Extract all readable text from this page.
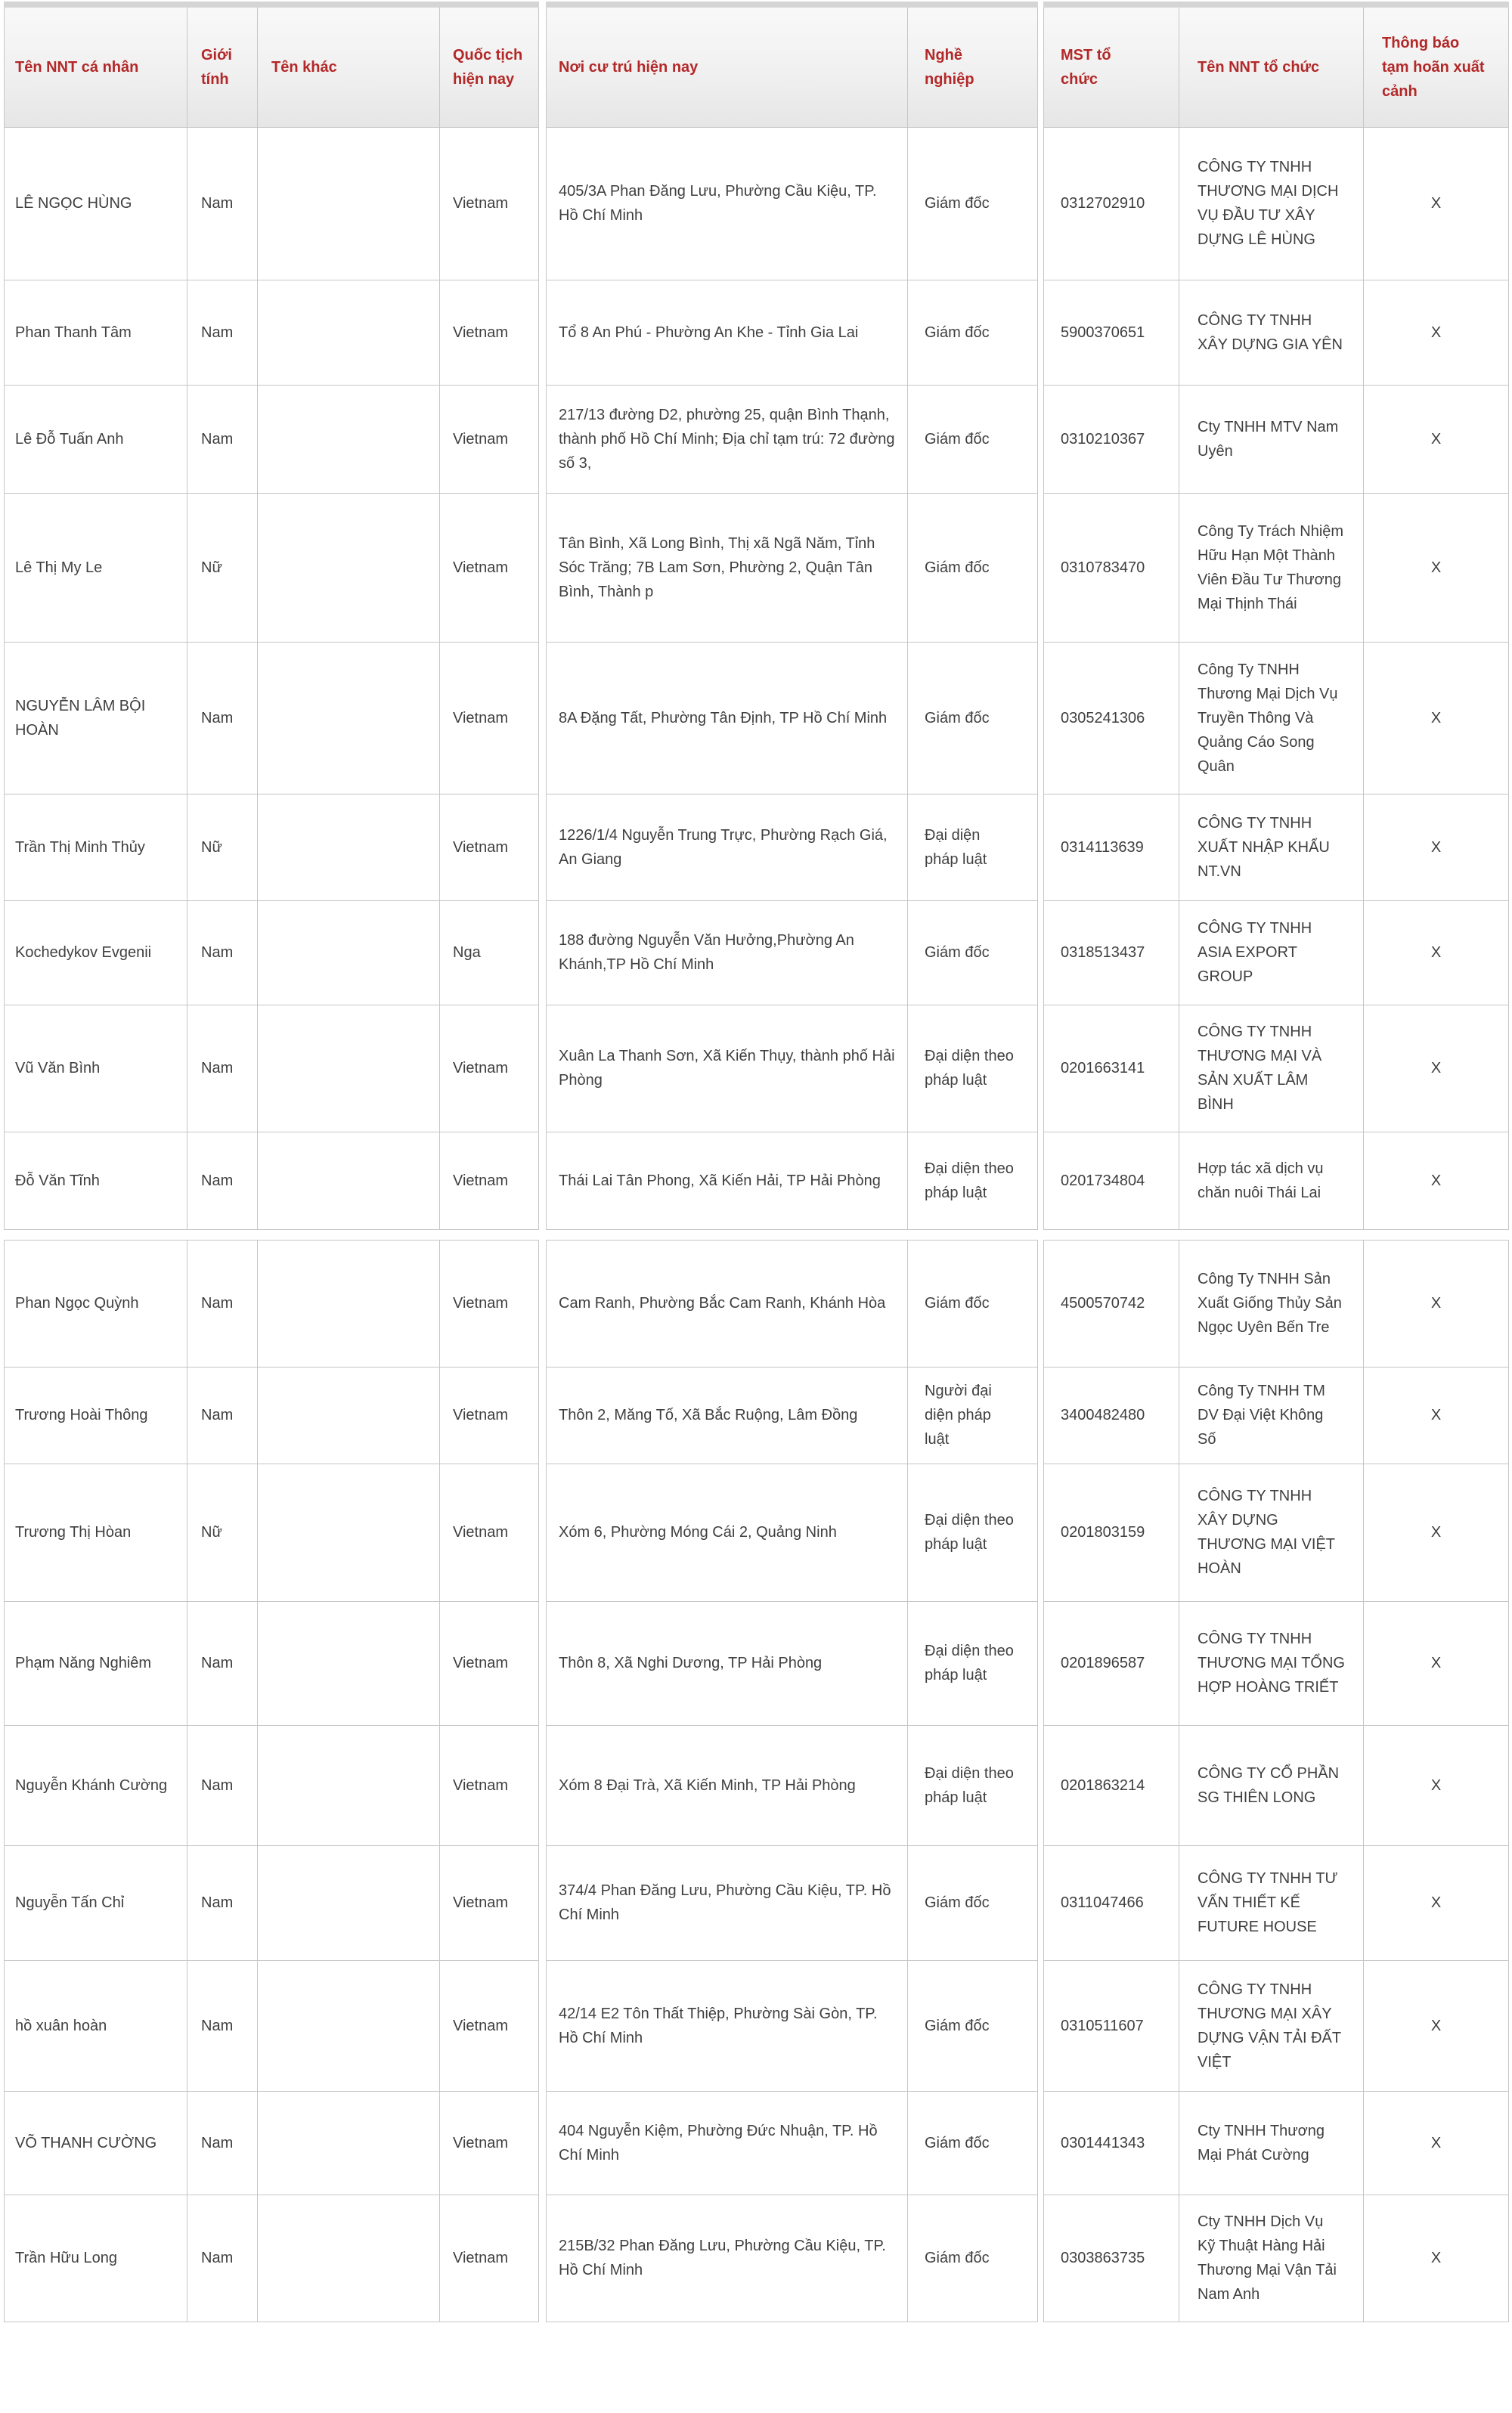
Tên NNT cá nhân	Giới tính	Tên khác	Quốc tịch hiện nay		Nơi cư trú hiện nay	Nghề nghiệp		MST tổ chức	Tên NNT tổ chức	Thông báo tạm hoãn xuất cảnh
LÊ NGỌC HÙNG	Nam		Vietnam		405/3A Phan Đăng Lưu, Phường Cầu Kiệu, TP. Hồ Chí Minh	Giám đốc		0312702910	CÔNG TY TNHH THƯƠNG MẠI DỊCH VỤ ĐẦU TƯ XÂY DỰNG LÊ HÙNG	X
Phan Thanh Tâm	Nam		Vietnam		Tổ 8 An Phú - Phường An Khe - Tỉnh Gia Lai	Giám đốc		5900370651	CÔNG TY TNHH XÂY DỰNG GIA YÊN	X
Lê Đỗ Tuấn Anh	Nam		Vietnam		217/13 đường D2, phường 25, quận Bình Thạnh, thành phố Hồ Chí Minh; Địa chỉ tạm trú: 72 đường số 3,	Giám đốc		0310210367	Cty TNHH MTV Nam Uyên	X
Lê Thị My Le	Nữ		Vietnam		Tân Bình, Xã Long Bình, Thị xã Ngã Năm, Tỉnh Sóc Trăng; 7B Lam Sơn, Phường 2, Quận Tân Bình, Thành p	Giám đốc		0310783470	Công Ty Trách Nhiệm Hữu Hạn Một Thành Viên Đầu Tư Thương Mại Thịnh Thái	X
NGUYỄN LÂM BỘI HOÀN	Nam		Vietnam		8A Đặng Tất, Phường Tân Định, TP Hồ Chí Minh	Giám đốc		0305241306	Công Ty TNHH Thương Mại Dịch Vụ Truyền Thông Và Quảng Cáo Song Quân	X
Trần Thị Minh Thủy	Nữ		Vietnam		1226/1/4 Nguyễn Trung Trực, Phường Rạch Giá, An Giang	Đại diện pháp luật		0314113639	CÔNG TY TNHH XUẤT NHẬP KHẨU NT.VN	X
Kochedykov Evgenii	Nam		Nga		188 đường Nguyễn Văn Hưởng,Phường An Khánh,TP Hồ Chí Minh	Giám đốc		0318513437	CÔNG TY TNHH ASIA EXPORT GROUP	X
Vũ Văn Bình	Nam		Vietnam		Xuân La Thanh Sơn, Xã Kiến Thụy, thành phố Hải Phòng	Đại diện theo pháp luật		0201663141	CÔNG TY TNHH THƯƠNG MẠI VÀ SẢN XUẤT LÂM BÌNH	X
Đỗ Văn Tĩnh	Nam		Vietnam		Thái Lai Tân Phong, Xã Kiến Hải, TP Hải Phòng	Đại diện theo pháp luật		0201734804	Hợp tác xã dịch vụ chăn nuôi Thái Lai	X

Phan Ngọc Quỳnh	Nam		Vietnam		Cam Ranh, Phường Bắc Cam Ranh, Khánh Hòa	Giám đốc		4500570742	Công Ty TNHH Sản Xuất Giống Thủy Sản Ngọc Uyên Bến Tre	X
Trương Hoài Thông	Nam		Vietnam		Thôn 2, Măng Tố, Xã Bắc Ruộng, Lâm Đồng	Người đại diện pháp luật		3400482480	Công Ty TNHH TM DV Đại Việt Không Số	X
Trương Thị Hòan	Nữ		Vietnam		Xóm 6, Phường Móng Cái 2, Quảng Ninh	Đại diện theo pháp luật		0201803159	CÔNG TY TNHH XÂY DỰNG THƯƠNG MẠI VIỆT HOÀN	X
Phạm Năng Nghiêm	Nam		Vietnam		Thôn 8, Xã Nghi Dương, TP Hải Phòng	Đại diện theo pháp luật		0201896587	CÔNG TY TNHH THƯƠNG MẠI TỔNG HỢP HOÀNG TRIẾT	X
Nguyễn Khánh Cường	Nam		Vietnam		Xóm 8 Đại Trà, Xã Kiến Minh, TP Hải Phòng	Đại diện theo pháp luật		0201863214	CÔNG TY CỔ PHẦN SG THIÊN LONG	X
Nguyễn Tấn Chỉ	Nam		Vietnam		374/4 Phan Đăng Lưu, Phường Cầu Kiệu, TP. Hồ Chí Minh	Giám đốc		0311047466	CÔNG TY TNHH TƯ VẤN THIẾT KẾ FUTURE HOUSE	X
hồ xuân hoàn	Nam		Vietnam		42/14 E2 Tôn Thất Thiệp, Phường Sài Gòn, TP. Hồ Chí Minh	Giám đốc		0310511607	CÔNG TY TNHH THƯƠNG MẠI XÂY DỰNG VẬN TẢI ĐẤT VIỆT	X
VÕ THANH CƯỜNG	Nam		Vietnam		404 Nguyễn Kiệm, Phường Đức Nhuận, TP. Hồ Chí Minh	Giám đốc		0301441343	Cty TNHH Thương Mại Phát Cường	X
Trần Hữu Long	Nam		Vietnam		215B/32 Phan Đăng Lưu, Phường Cầu Kiệu, TP. Hồ Chí Minh	Giám đốc		0303863735	Cty TNHH Dịch Vụ Kỹ Thuật Hàng Hải Thương Mại Vận Tải Nam Anh	X
